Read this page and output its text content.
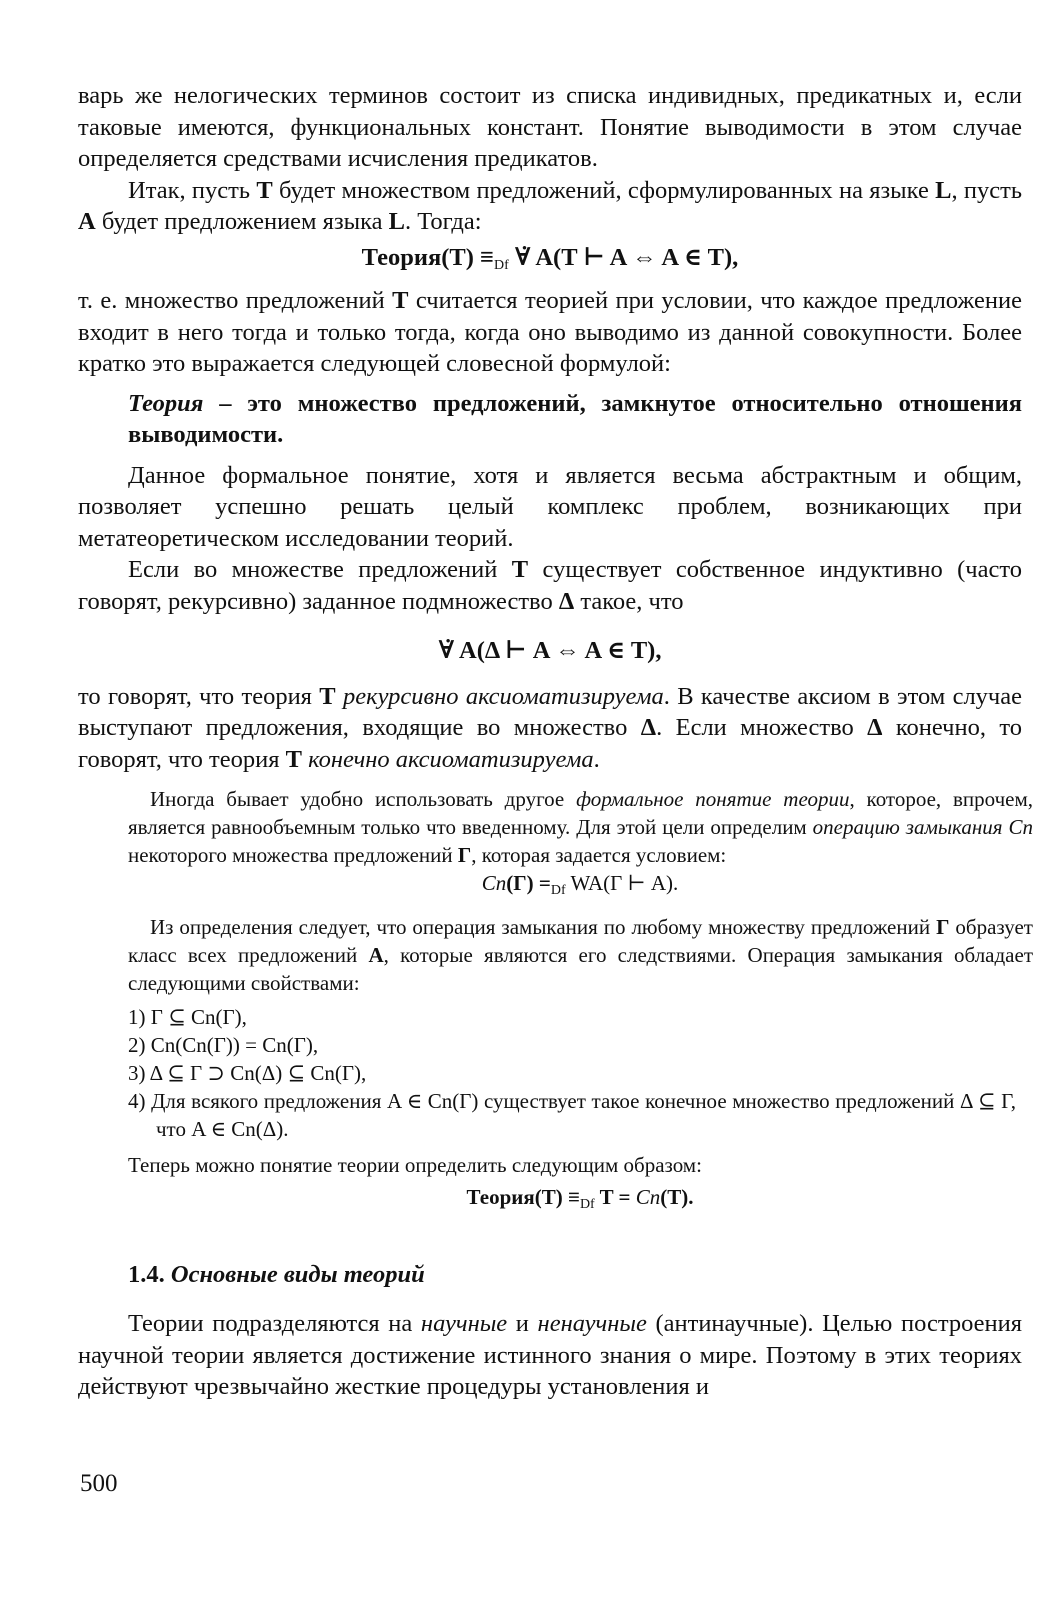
варь же нелогических терминов состоит из списка индивидных, предикатных и, если таковые имеются, функциональных констант. Понятие выводимости в этом случае определяется средствами исчисления предикатов.

Итак, пусть T будет множеством предложений, сформулированных на языке L, пусть A будет предложением языка L. Тогда:

Теория(T) $\equiv_{Df}$ ∀̇ A(T ⊢ A ⇔ A ∈ T),

т. е. множество предложений T считается теорией при условии, что каждое предложение входит в него тогда и только тогда, когда оно выводимо из данной совокупности. Более кратко это выражается следующей словесной формулой:

Теория – это множество предложений, замкнутое относительно отношения выводимости.

Данное формальное понятие, хотя и является весьма абстрактным и общим, позволяет успешно решать целый комплекс проблем, возникающих при метатеоретическом исследовании теорий.

Если во множестве предложений T существует собственное индуктивно (часто говорят, рекурсивно) заданное подмножество Δ такое, что

∀̇ A(Δ ⊢ A ⇔ A ∈ T),

то говорят, что теория T рекурсивно аксиоматизируема. В качестве аксиом в этом случае выступают предложения, входящие во множество Δ. Если множество Δ конечно, то говорят, что теория T конечно аксиоматизируема.

Иногда бывает удобно использовать другое формальное понятие теории, которое, впрочем, является равнообъемным только что введенному. Для этой цели определим операцию замыкания Cn некоторого множества предложений Γ, которая задается условием:

$Cn(\Gamma) =_{Df}$ WA(Γ ⊢ A).

Из определения следует, что операция замыкания по любому множеству предложений Γ образует класс всех предложений A, которые являются его следствиями. Операция замыкания обладает следующими свойствами:

1) Γ ⊆ Cn(Γ),
2) Cn(Cn(Γ)) = Cn(Γ),
3) Δ ⊆ Γ ⊃ Cn(Δ) ⊆ Cn(Γ),
4) Для всякого предложения A ∈ Cn(Γ) существует такое конечное множество предложений Δ ⊆ Γ, что A ∈ Cn(Δ).

Теперь можно понятие теории определить следующим образом:

Теория(T) $\equiv_{Df}$ T = Cn(T).

1.4. Основные виды теорий

Теории подразделяются на научные и ненаучные (антинаучные). Целью построения научной теории является достижение истинного знания о мире. Поэтому в этих теориях действуют чрезвычайно жесткие процедуры установления и

500
